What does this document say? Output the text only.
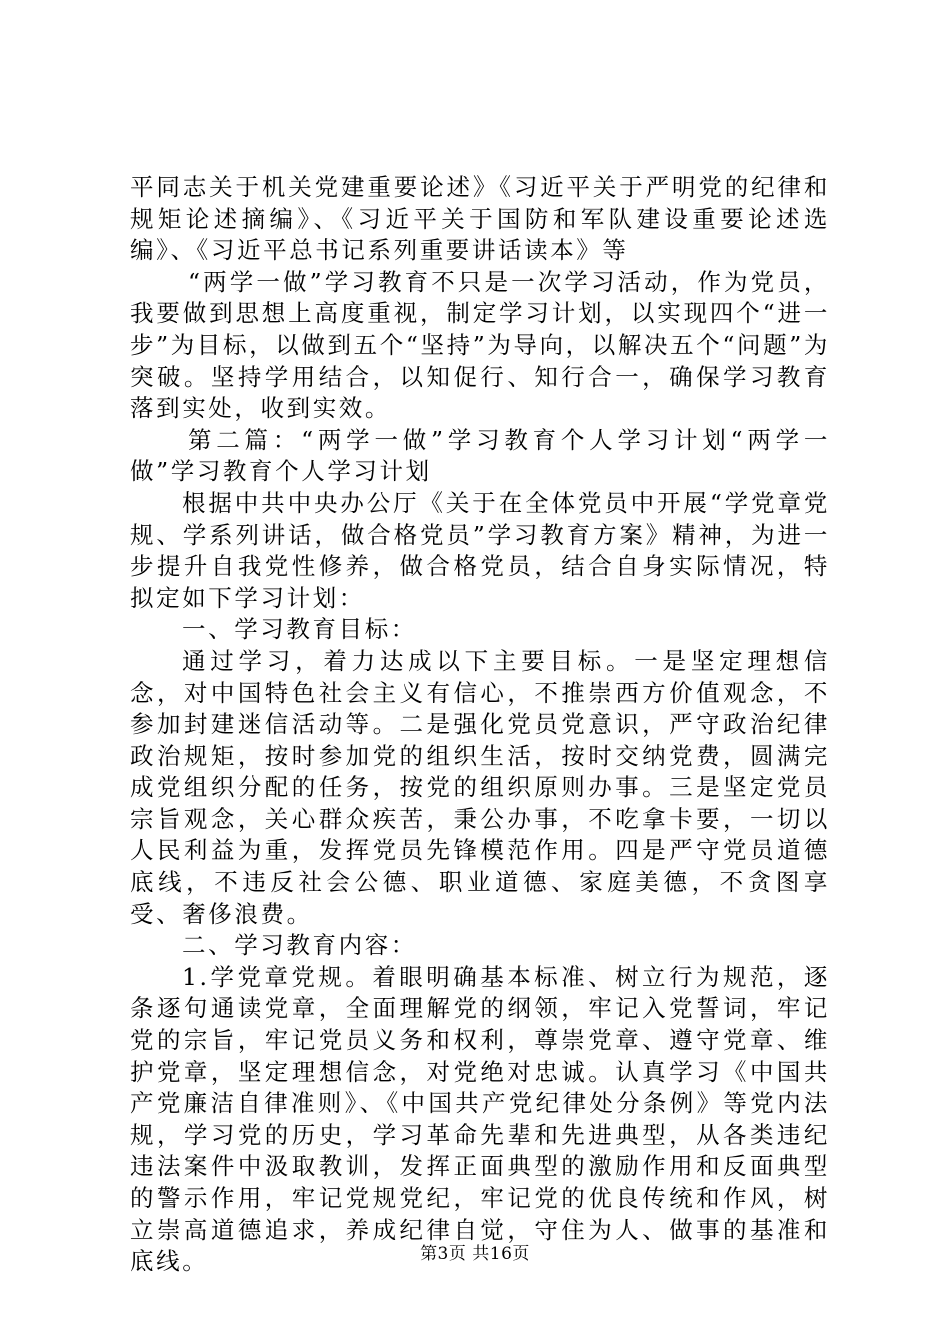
平同志关于机关党建重要论述》《习近平关于严明党的纪律和规矩论述摘编》、《习近平关于国防和军队建设重要论述选编》、《习近平总书记系列重要讲话读本》等

“两学一做”学习教育不只是一次学习活动，作为党员，我要做到思想上高度重视，制定学习计划，以实现四个“进一步”为目标，以做到五个“坚持”为导向，以解决五个“问题”为突破。坚持学用结合，以知促行、知行合一，确保学习教育落到实处，收到实效。

第二篇：“两学一做”学习教育个人学习计划“两学一做”学习教育个人学习计划

根据中共中央办公厅《关于在全体党员中开展“学党章党规、学系列讲话，做合格党员”学习教育方案》精神，为进一步提升自我党性修养，做合格党员，结合自身实际情况，特拟定如下学习计划：

一、学习教育目标：

通过学习，着力达成以下主要目标。一是坚定理想信念，对中国特色社会主义有信心，不推崇西方价值观念，不参加封建迷信活动等。二是强化党员党意识，严守政治纪律政治规矩，按时参加党的组织生活，按时交纳党费，圆满完成党组织分配的任务，按党的组织原则办事。三是坚定党员宗旨观念，关心群众疾苦，秉公办事，不吃拿卡要，一切以人民利益为重，发挥党员先锋模范作用。四是严守党员道德底线，不违反社会公德、职业道德、家庭美德，不贪图享受、奢侈浪费。

二、学习教育内容：

1.学党章党规。着眼明确基本标准、树立行为规范，逐条逐句通读党章，全面理解党的纲领，牢记入党誓词，牢记党的宗旨，牢记党员义务和权利，尊崇党章、遵守党章、维护党章，坚定理想信念，对党绝对忠诚。认真学习《中国共产党廉洁自律准则》、《中国共产党纪律处分条例》等党内法规，学习党的历史，学习革命先辈和先进典型，从各类违纪违法案件中汲取教训，发挥正面典型的激励作用和反面典型的警示作用，牢记党规党纪，牢记党的优良传统和作风，树立崇高道德追求，养成纪律自觉，守住为人、做事的基准和底线。	第3页 共16页
